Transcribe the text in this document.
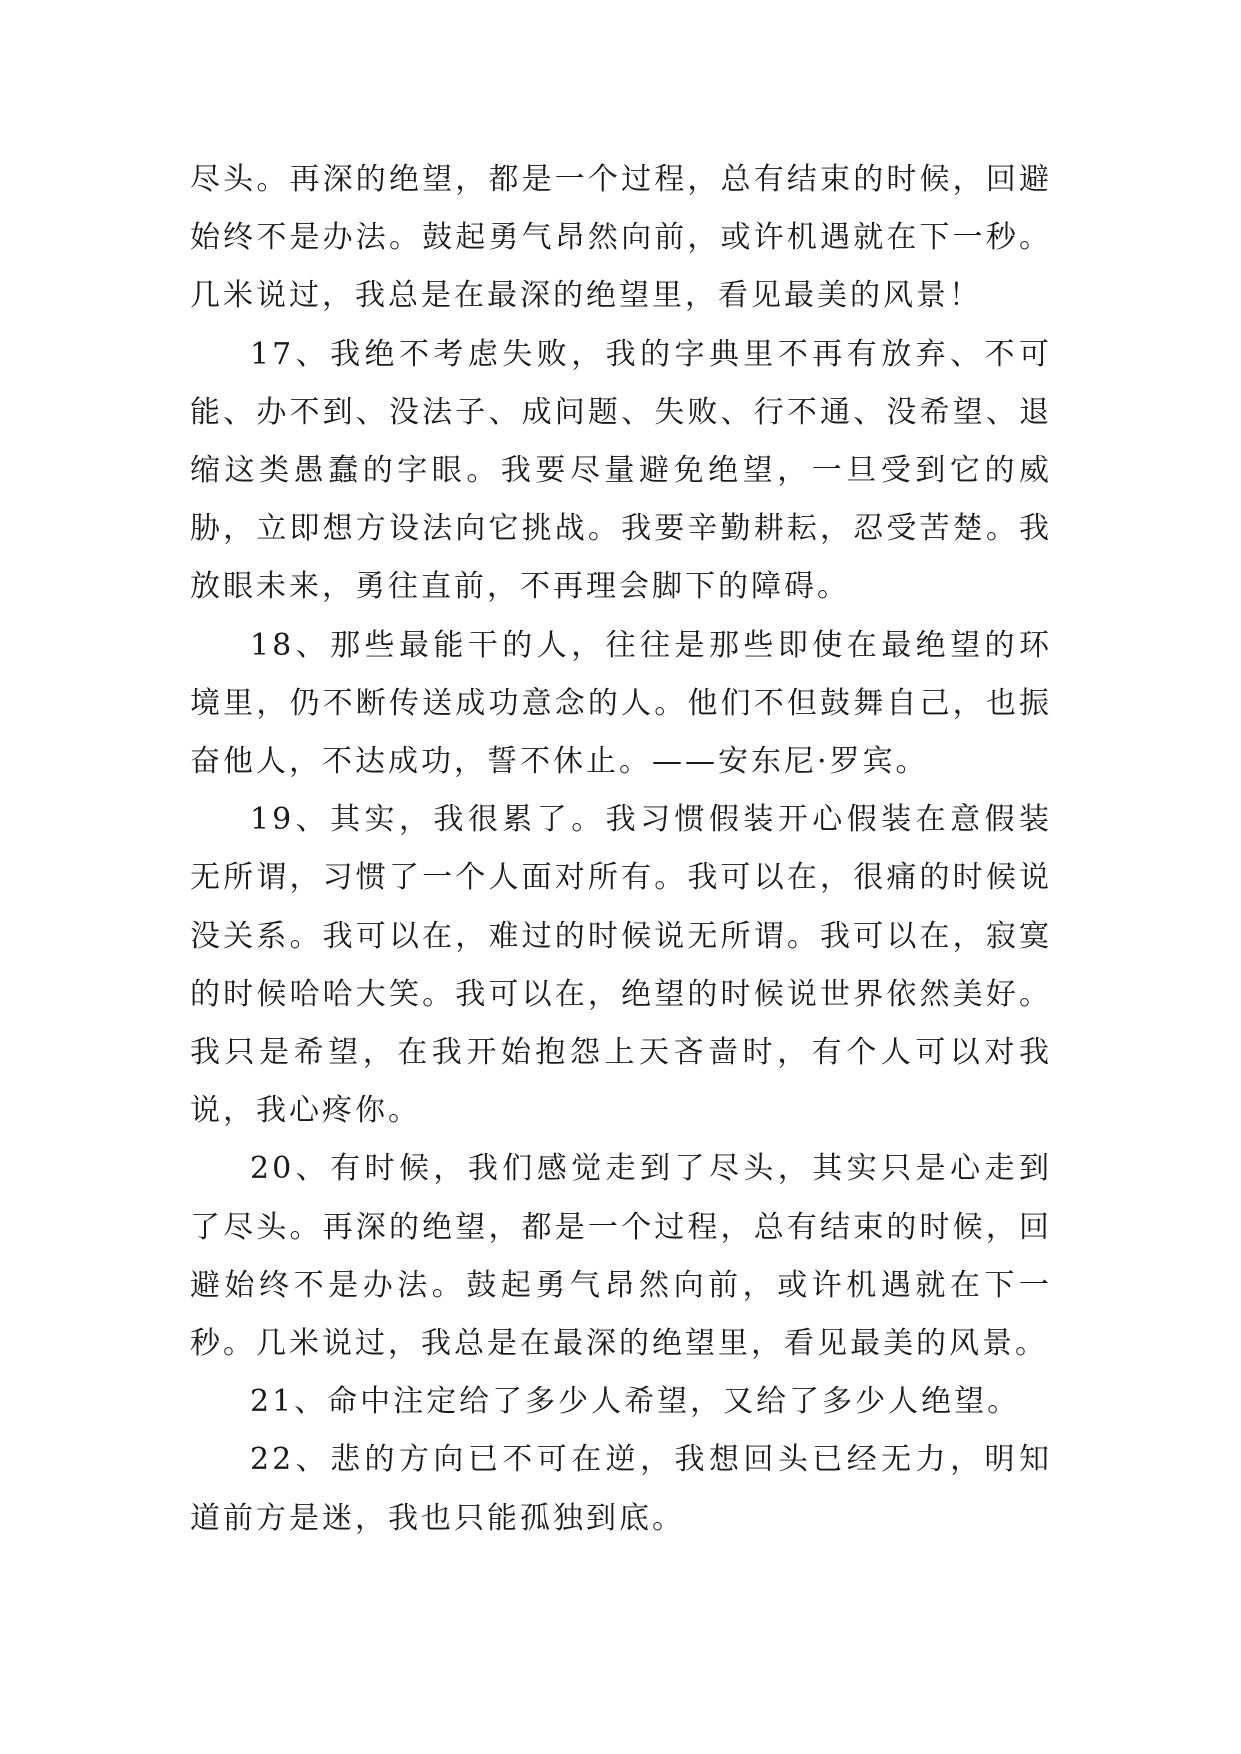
尽头。再深的绝望，都是一个过程，总有结束的时候，回避始终不是办法。鼓起勇气昂然向前，或许机遇就在下一秒。几米说过，我总是在最深的绝望里，看见最美的风景！

17、我绝不考虑失败，我的字典里不再有放弃、不可能、办不到、没法子、成问题、失败、行不通、没希望、退缩这类愚蠢的字眼。我要尽量避免绝望，一旦受到它的威胁，立即想方设法向它挑战。我要辛勤耕耘，忍受苦楚。我放眼未来，勇往直前，不再理会脚下的障碍。

18、那些最能干的人，往往是那些即使在最绝望的环境里，仍不断传送成功意念的人。他们不但鼓舞自己，也振奋他人，不达成功，誓不休止。——安东尼·罗宾。

19、其实，我很累了。我习惯假装开心假装在意假装无所谓，习惯了一个人面对所有。我可以在，很痛的时候说没关系。我可以在，难过的时候说无所谓。我可以在，寂寞的时候哈哈大笑。我可以在，绝望的时候说世界依然美好。我只是希望，在我开始抱怨上天吝啬时，有个人可以对我说，我心疼你。

20、有时候，我们感觉走到了尽头，其实只是心走到了尽头。再深的绝望，都是一个过程，总有结束的时候，回避始终不是办法。鼓起勇气昂然向前，或许机遇就在下一秒。几米说过，我总是在最深的绝望里，看见最美的风景。

21、命中注定给了多少人希望，又给了多少人绝望。

22、悲的方向已不可在逆，我想回头已经无力，明知道前方是迷，我也只能孤独到底。
